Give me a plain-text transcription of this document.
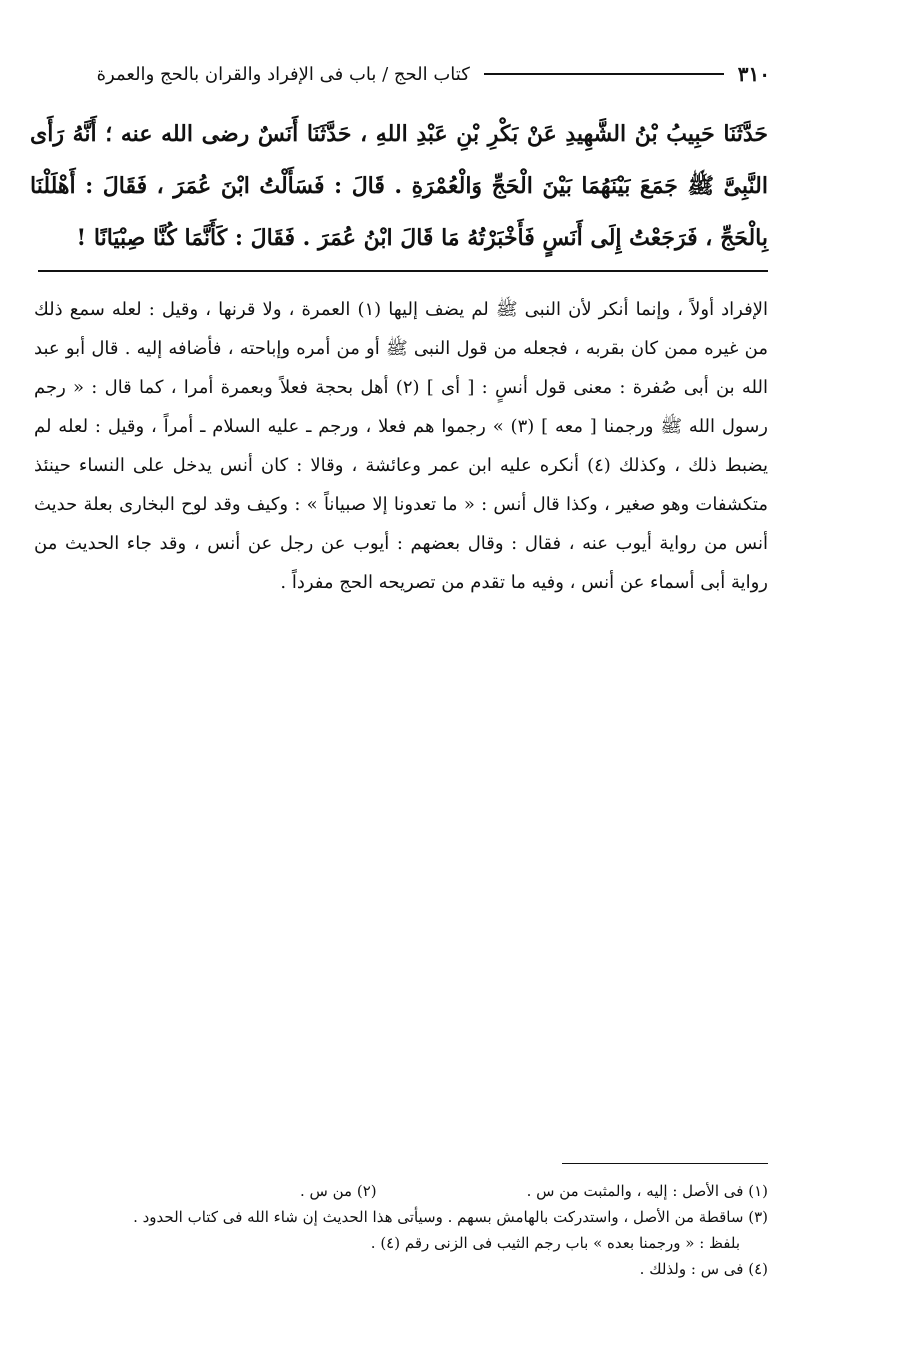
٣١٠
كتاب الحج / باب فى الإفراد والقران بالحج والعمرة

حَدَّثَنَا حَبِيبُ بْنُ الشَّهِيدِ عَنْ بَكْرِ بْنِ عَبْدِ اللهِ ، حَدَّثَنَا أَنَسٌ رضى الله عنه ؛ أَنَّهُ رَأَى النَّبِىَّ ﷺ جَمَعَ بَيْنَهُمَا بَيْنَ الْحَجِّ وَالْعُمْرَةِ . قَالَ : فَسَأَلْتُ ابْنَ عُمَرَ ، فَقَالَ : أَهْلَلْنَا بِالْحَجِّ ، فَرَجَعْتُ إِلَى أَنَسٍ فَأَخْبَرْتُهُ مَا قَالَ ابْنُ عُمَرَ . فَقَالَ : كَأَنَّمَا كُنَّا صِبْيَانًا !

الإفراد أولاً ، وإنما أنكر لأن النبى ﷺ لم يضف إليها (١) العمرة ، ولا قرنها ، وقيل : لعله سمع ذلك من غيره ممن كان بقربه ، فجعله من قول النبى ﷺ أو من أمره وإباحته ، فأضافه إليه . قال أبو عبد الله بن أبى صُفرة : معنى قول أنسٍ : [ أى ] (٢) أهل بحجة فعلاً وبعمرة أمرا ، كما قال : « رجم رسول الله ﷺ ورجمنا [ معه ] (٣) » رجموا هم فعلا ، ورجم ـ عليه السلام ـ أمراً ، وقيل : لعله لم يضبط ذلك ، وكذلك (٤) أنكره عليه ابن عمر وعائشة ، وقالا : كان أنس يدخل على النساء حينئذ متكشفات وهو صغير ، وكذا قال أنس : « ما تعدونا إلا صبياناً » : وكيف وقد لوح البخارى بعلة حديث أنس من رواية أيوب عنه ، فقال : وقال بعضهم : أيوب عن رجل عن أنس ، وقد جاء الحديث من رواية أبى أسماء عن أنس ، وفيه ما تقدم من تصريحه الحج مفرداً .

(١) فى الأصل : إليه ، والمثبت من س .(٢) من س .
(٣) ساقطة من الأصل ، واستدركت بالهامش بسهم . وسيأتى هذا الحديث إن شاء الله فى كتاب الحدود .
بلفظ : « ورجمنا بعده » باب رجم الثيب فى الزنى رقم (٤) .
(٤) فى س : ولذلك .
